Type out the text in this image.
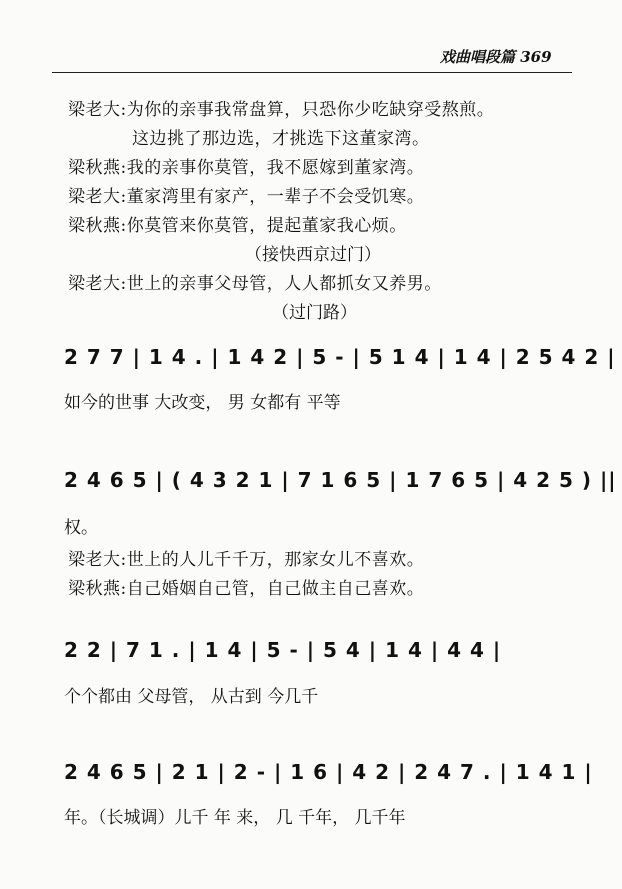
戏曲唱段篇 369
梁老大:为你的亲事我常盘算，只恐你少吃缺穿受熬煎。
这边挑了那边选，才挑选下这董家湾。
梁秋燕:我的亲事你莫管，我不愿嫁到董家湾。
梁老大:董家湾里有家产，一辈子不会受饥寒。
梁秋燕:你莫管来你莫管，提起董家我心烦。
（接快西京过门）
梁老大:世上的亲事父母管，人人都抓女又养男。
（过门路）
2 7 7 | 1 4 . | 1 4 2 | 5 - | 5 1 4 | 1 4 | 2 5 4 2 |
如今的世事 大改变， 男 女都有 平等
2 4 6 5 | ( 4 3 2 1 | 7 1 6 5 | 1 7 6 5 | 4 2 5 ) ||
权。
梁老大:世上的人儿千千万，那家女儿不喜欢。
梁秋燕:自己婚姻自己管，自己做主自己喜欢。
2 2 | 7 1 . | 1 4 | 5 - | 5 4 | 1 4 | 4 4 |
个个都由 父母管， 从古到 今几千
2 4 6 5 | 2 1 | 2 - | 1 6 | 4 2 | 2 4 7 . | 1 4 1 |
年。（长城调）儿千 年 来， 几 千年， 几千年
